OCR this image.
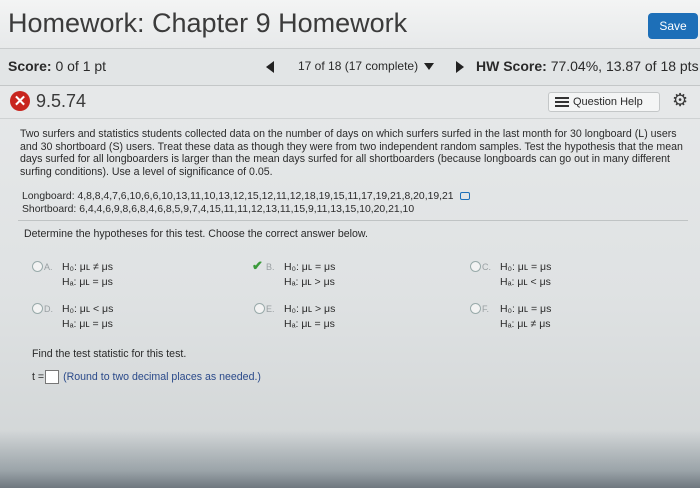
Homework: Chapter 9 Homework	Save
Score: 0 of 1 pt	17 of 18 (17 complete)	HW Score: 77.04%, 13.87 of 18 pts
✕ 9.5.74	Question Help ⚙
Two surfers and statistics students collected data on the number of days on which surfers surfed in the last month for 30 longboard (L) users and 30 shortboard (S) users. Treat these data as though they were from two independent random samples. Test the hypothesis that the mean days surfed for all longboarders is larger than the mean days surfed for all shortboarders (because longboards can go out in many different surfing conditions). Use a level of significance of 0.05.
Longboard: 4,8,8,4,7,6,10,6,6,10,13,11,10,13,12,15,12,11,12,18,19,15,11,17,19,21,8,20,19,21
Shortboard: 6,4,4,6,9,8,6,8,4,6,8,5,9,7,4,15,11,11,12,13,11,15,9,11,13,15,10,20,21,10
Determine the hypotheses for this test. Choose the correct answer below.
A. H₀: μʟ ≠ μs
Hₐ: μʟ = μs
✔ B. H₀: μʟ = μs
Hₐ: μʟ > μs
C. H₀: μʟ = μs
Hₐ: μʟ < μs
D. H₀: μʟ < μs
Hₐ: μʟ = μs
E. H₀: μʟ > μs
Hₐ: μʟ = μs
F. H₀: μʟ = μs
Hₐ: μʟ ≠ μs
Find the test statistic for this test.
t = (Round to two decimal places as needed.)
